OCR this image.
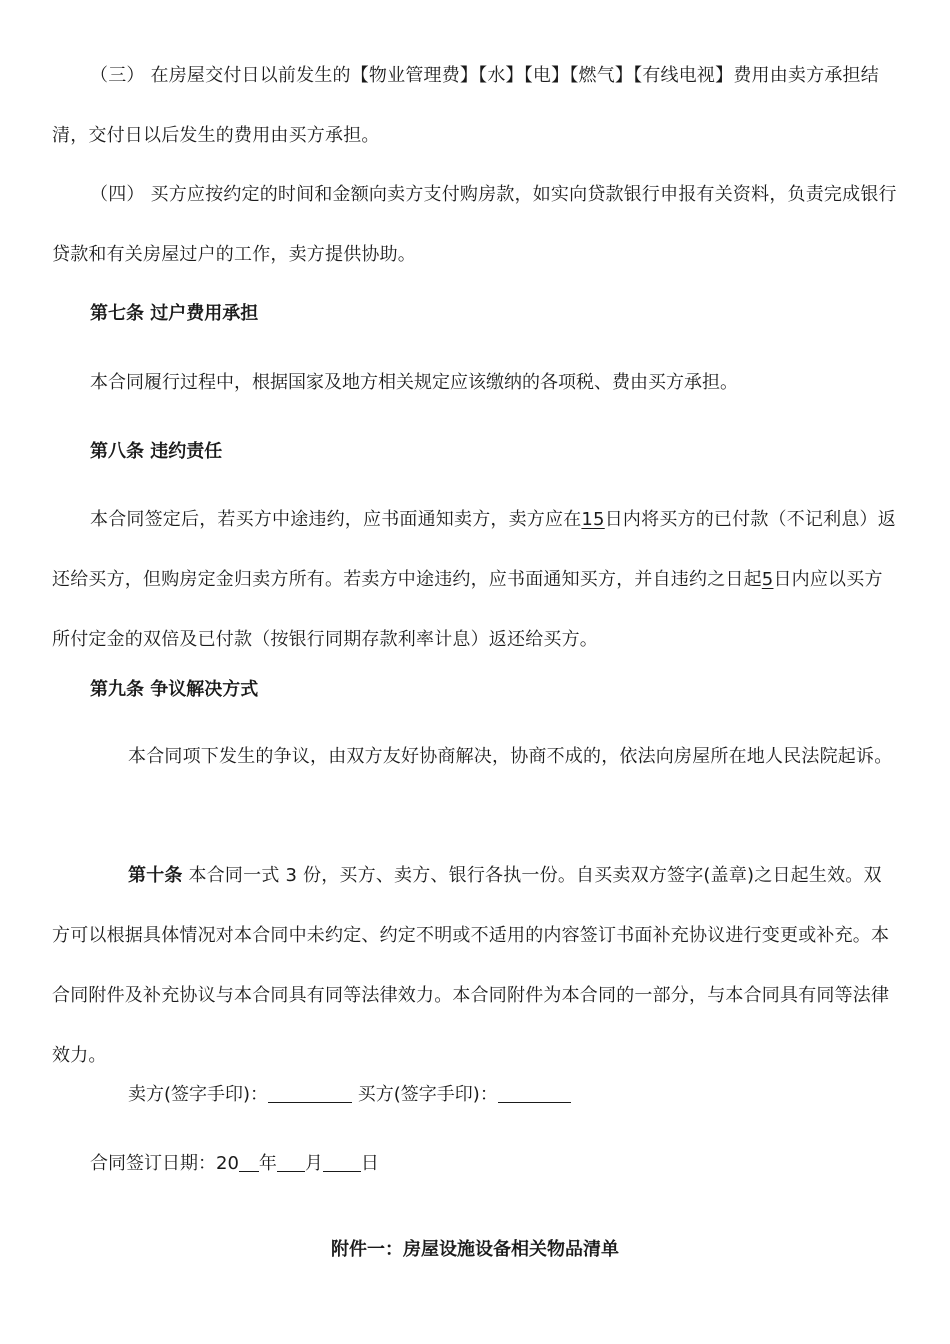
（三） 在房屋交付日以前发生的【物业管理费】【水】【电】【燃气】【有线电视】费用由卖方承担结清，交付日以后发生的费用由买方承担。

（四） 买方应按约定的时间和金额向卖方支付购房款，如实向贷款银行申报有关资料，负责完成银行贷款和有关房屋过户的工作，卖方提供协助。

第七条 过户费用承担

本合同履行过程中，根据国家及地方相关规定应该缴纳的各项税、费由买方承担。

第八条 违约责任

本合同签定后，若买方中途违约，应书面通知卖方，卖方应在15日内将买方的已付款（不记利息）返还给买方，但购房定金归卖方所有。若卖方中途违约，应书面通知买方，并自违约之日起5日内应以买方所付定金的双倍及已付款（按银行同期存款利率计息）返还给买方。

第九条 争议解决方式

本合同项下发生的争议，由双方友好协商解决，协商不成的，依法向房屋所在地人民法院起诉。

第十条 本合同一式 3 份，买方、卖方、银行各执一份。自买卖双方签字(盖章)之日起生效。双方可以根据具体情况对本合同中未约定、约定不明或不适用的内容签订书面补充协议进行变更或补充。本合同附件及补充协议与本合同具有同等法律效力。本合同附件为本合同的一部分，与本合同具有同等法律效力。

卖方(签字手印)：	买方(签字手印)：

合同签订日期：20 年 月 日

附件一：房屋设施设备相关物品清单
